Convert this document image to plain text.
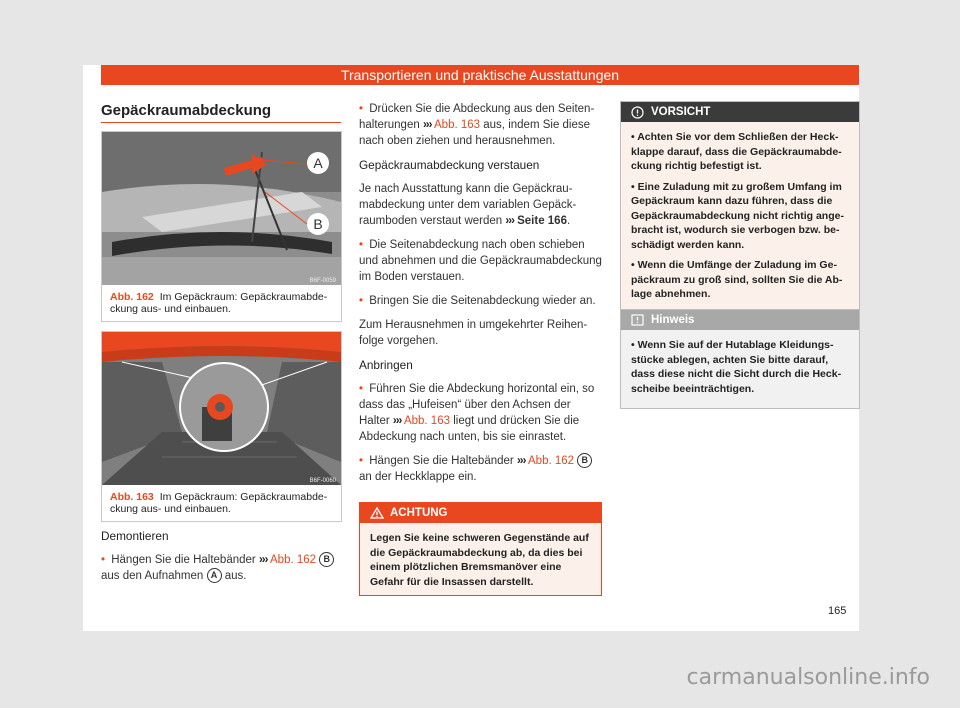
Transportieren und praktische Ausstattungen
Gepäckraumabdeckung
A
B
B6F-0059
Abb. 162 Im Gepäckraum: Gepäckraumabdeckung aus- und einbauen.
B6F-0060
Abb. 163 Im Gepäckraum: Gepäckraumabdeckung aus- und einbauen.

Demontieren

• Hängen Sie die Haltebänder ››› Abb. 162 B aus den Aufnahmen A aus.

• Drücken Sie die Abdeckung aus den Seitenhalterungen ››› Abb. 163 aus, indem Sie diese nach oben ziehen und herausnehmen.

Gepäckraumabdeckung verstauen

Je nach Ausstattung kann die Gepäckraumabdeckung unter dem variablen Gepäckraumboden verstaut werden ››› Seite 166.

• Die Seitenabdeckung nach oben schieben und abnehmen und die Gepäckraumabdeckung im Boden verstauen.

• Bringen Sie die Seitenabdeckung wieder an.

Zum Herausnehmen in umgekehrter Reihenfolge vorgehen.

Anbringen

• Führen Sie die Abdeckung horizontal ein, so dass das „Hufeisen“ über den Achsen der Halter ››› Abb. 163 liegt und drücken Sie die Abdeckung nach unten, bis sie einrastet.

• Hängen Sie die Haltebänder ››› Abb. 162 B an der Heckklappe ein.

ACHTUNG
Legen Sie keine schweren Gegenstände auf die Gepäckraumabdeckung ab, da dies bei einem plötzlichen Bremsmanöver eine Gefahr für die Insassen darstellt.
VORSICHT

• Achten Sie vor dem Schließen der Heckklappe darauf, dass die Gepäckraumabdeckung richtig befestigt ist.

• Eine Zuladung mit zu großem Umfang im Gepäckraum kann dazu führen, dass die Gepäckraumabdeckung nicht richtig angebracht ist, wodurch sie verbogen bzw. beschädigt werden kann.

• Wenn die Umfänge der Zuladung im Gepäckraum zu groß sind, sollten Sie die Ablage abnehmen.

Hinweis

• Wenn Sie auf der Hutablage Kleidungsstücke ablegen, achten Sie bitte darauf, dass diese nicht die Sicht durch die Heckscheibe beeinträchtigen.

165
carmanualsonline.info
